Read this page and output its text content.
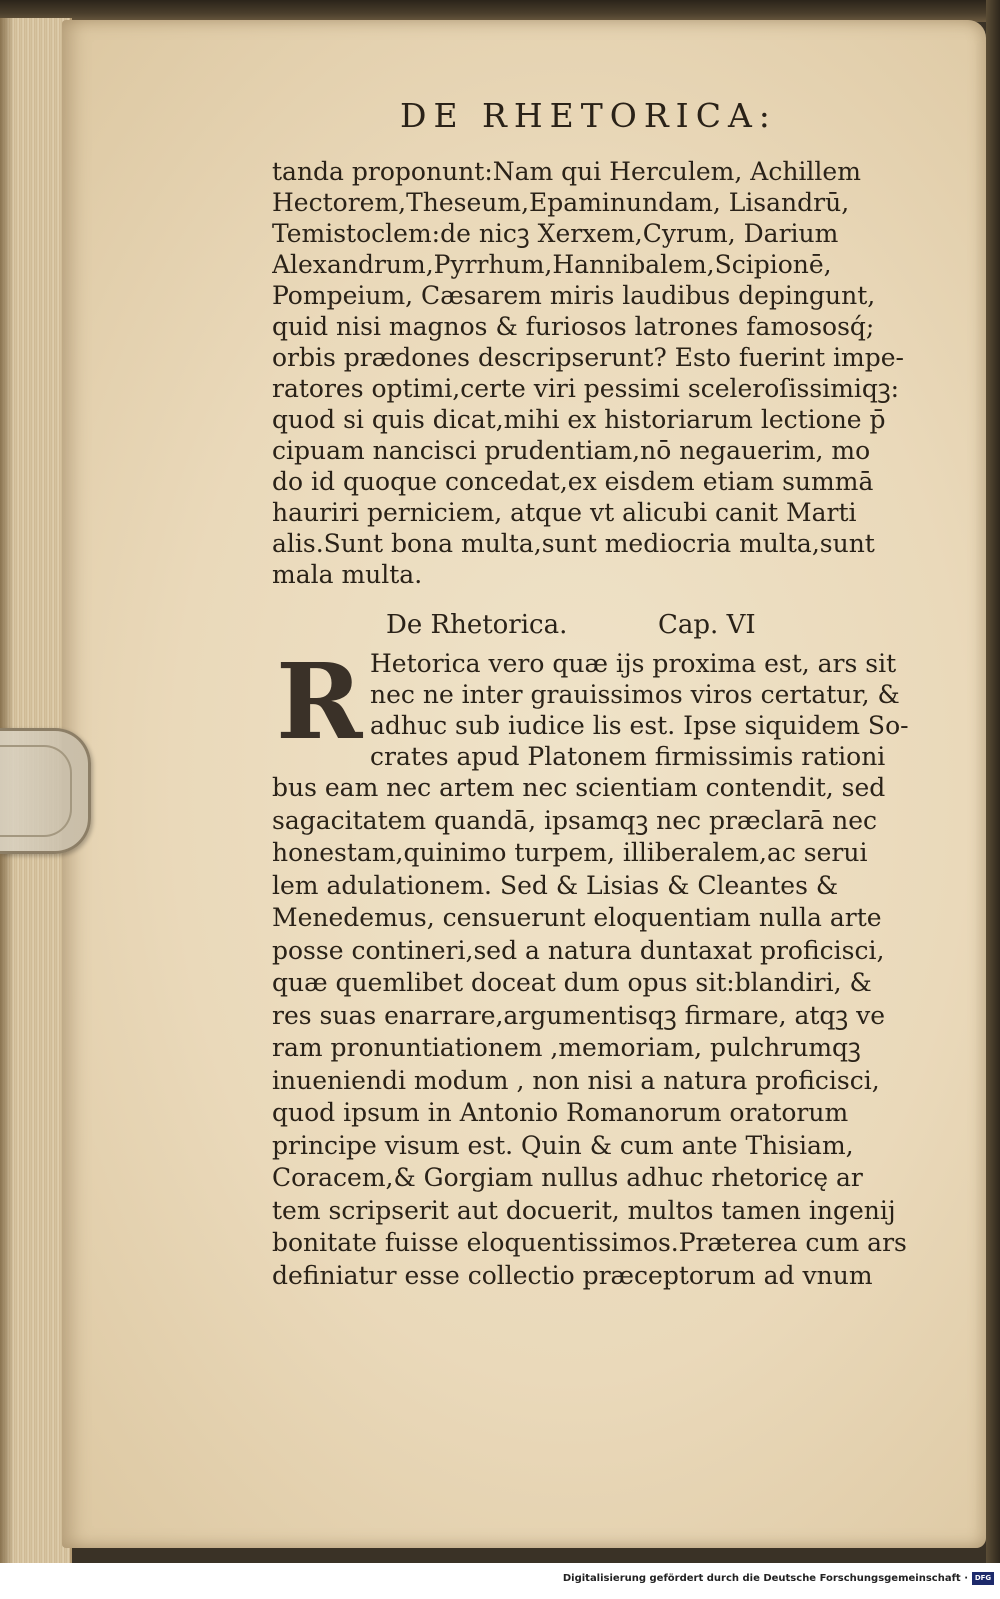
DE RHETORICA:
tanda proponunt:Nam qui Herculem, Achillem
Hectorem,Theseum,Epaminundam, Lisandrū,
Temistoclem:de nicꝫ Xerxem,Cyrum, Darium
Alexandrum,Pyrrhum,Hannibalem,Scipionē,
Pompeium, Cæsarem miris laudibus depingunt,
quid nisi magnos & furiosos latrones famososq́;
orbis prædones descripserunt? Esto fuerint impe-
ratores optimi,certe viri pessimi sceleroſissimiqꝫ:
quod si quis dicat,mihi ex historiarum lectione p̄
cipuam nancisci prudentiam,nō negauerim, mo
do id quoque concedat,ex eisdem etiam summā
hauriri perniciem, atque vt alicubi canit Marti
alis.Sunt bona multa,sunt mediocria multa,sunt
mala multa.
De Rhetorica.	Cap. VI
R Hetorica vero quæ ijs proxima est, ars sit
nec ne inter grauissimos viros certatur, &
adhuc sub iudice lis est. Ipse siquidem So-
crates apud Platonem firmissimis rationi
bus eam nec artem nec scientiam contendit, sed
sagacitatem quandā, ipsamqꝫ nec præclarā nec
honestam,quinimo turpem, illiberalem,ac serui
lem adulationem. Sed & Lisias & Cleantes &
Menedemus, censuerunt eloquentiam nulla arte
posse contineri,sed a natura duntaxat proficisci,
quæ quemlibet doceat dum opus sit:blandiri, &
res suas enarrare,argumentisqꝫ firmare, atqꝫ ve
ram pronuntiationem ,memoriam, pulchrumqꝫ
inueniendi modum , non nisi a natura proficisci,
quod ipsum in Antonio Romanorum oratorum
principe visum est. Quin & cum ante Thisiam,
Coracem,& Gorgiam nullus adhuc rhetoricę ar
tem scripserit aut docuerit, multos tamen ingenij
bonitate fuisse eloquentissimos.Præterea cum ars
definiatur esse collectio præceptorum ad vnum
Digitalisierung gefördert durch die Deutsche Forschungsgemeinschaft · DFG
